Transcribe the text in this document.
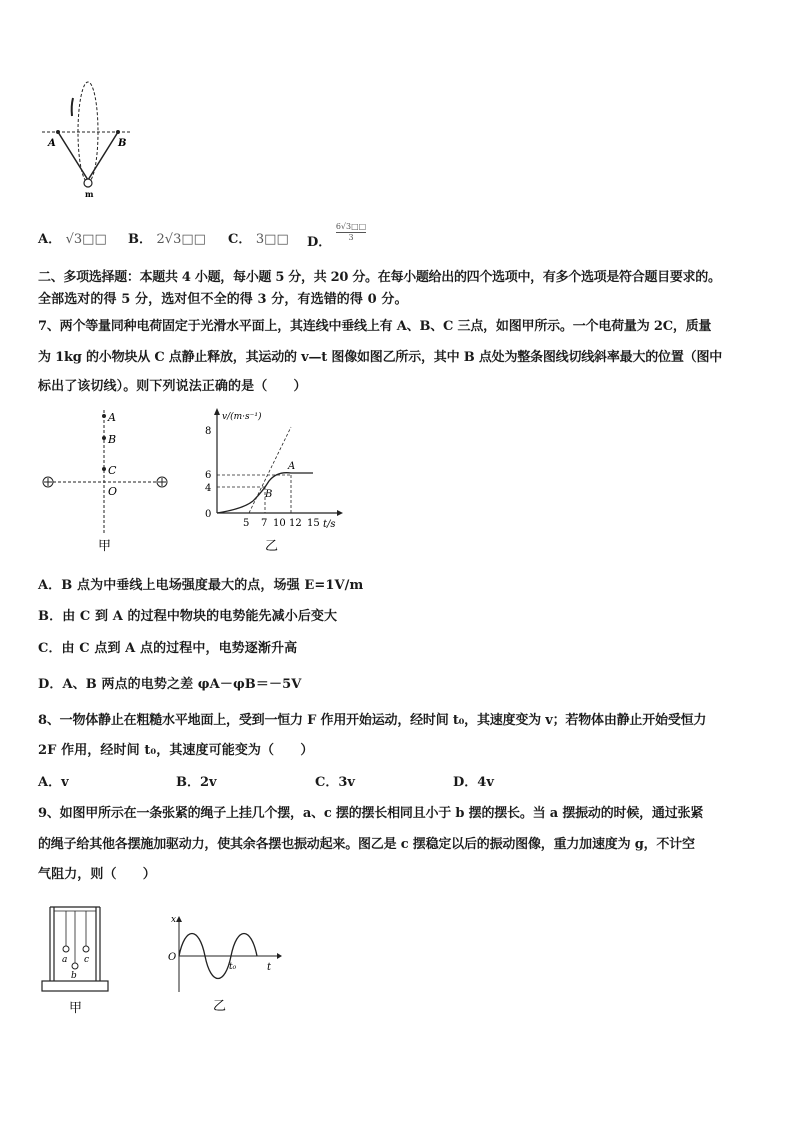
A	B
m
A． √3□□ B． 2√3□□ C． 3□□ D． $\frac{6√3□□}{3}$
二、多项选择题：本题共 4 小题，每小题 5 分，共 20 分。在每小题给出的四个选项中，有多个选项是符合题目要求的。
全部选对的得 5 分，选对但不全的得 3 分，有选错的得 0 分。
7、两个等量同种电荷固定于光滑水平面上，其连线中垂线上有 A、B、C 三点，如图甲所示。一个电荷量为 2C，质量
为 1kg 的小物块从 C 点静止释放，其运动的 v—t 图像如图乙所示，其中 B 点处为整条图线切线斜率最大的位置（图中
标出了该切线）。则下列说法正确的是（　　）
A
B
C
O
甲
v/(m·s⁻¹)
t/s
0
8
6
4
5 7 10 12 15
A
B
乙
A．B 点为中垂线上电场强度最大的点，场强 E=1V/m
B．由 C 到 A 的过程中物块的电势能先减小后变大
C．由 C 点到 A 点的过程中，电势逐渐升高
D．A、B 两点的电势之差 φA－φB＝－5V
8、一物体静止在粗糙水平地面上，受到一恒力 F 作用开始运动，经时间 t₀，其速度变为 v；若物体由静止开始受恒力
2F 作用，经时间 t₀，其速度可能变为（　　）
A．v	B．2v	C．3v	D．4v
9、如图甲所示在一条张紧的绳子上挂几个摆，a、c 摆的摆长相同且小于 b 摆的摆长。当 a 摆振动的时候，通过张紧
的绳子给其他各摆施加驱动力，使其余各摆也振动起来。图乙是 c 摆稳定以后的振动图像，重力加速度为 g，不计空
气阻力，则（　　）
a
b
c
甲
x
t
O
t₀
乙
